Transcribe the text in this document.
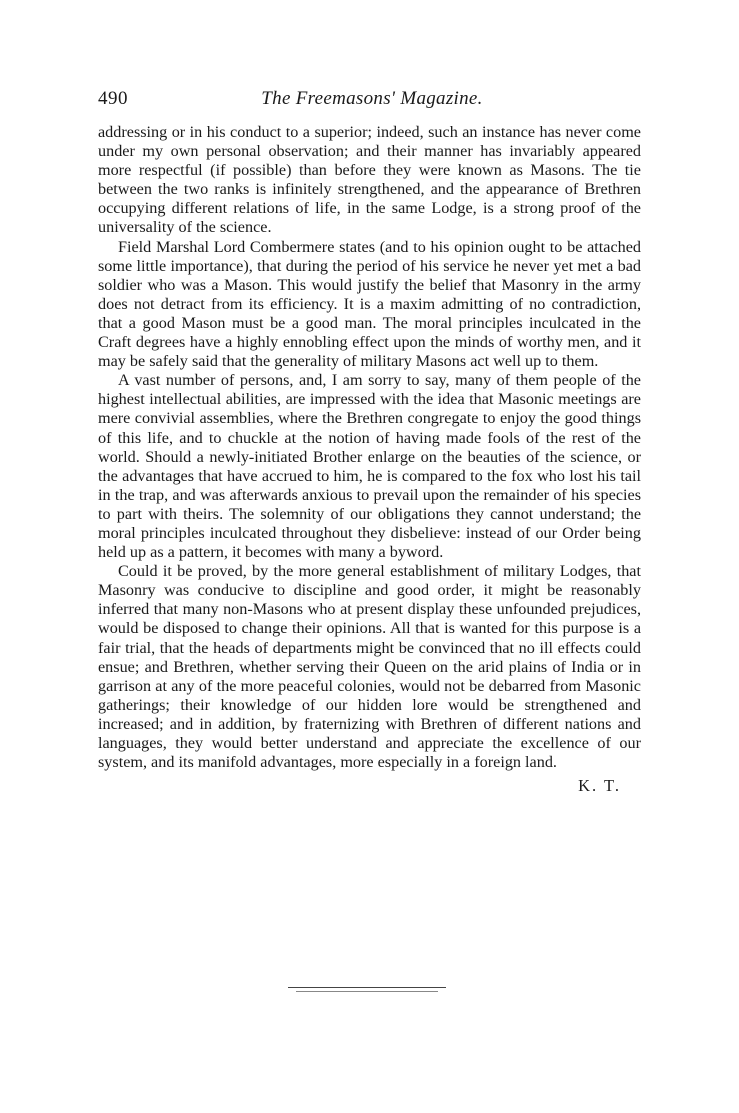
490	The Freemasons' Magazine.

addressing or in his conduct to a superior; indeed, such an instance has never come under my own personal observation; and their manner has invariably appeared more respectful (if possible) than before they were known as Masons. The tie between the two ranks is infinitely strengthened, and the appearance of Brethren occupying different relations of life, in the same Lodge, is a strong proof of the universality of the science.

Field Marshal Lord Combermere states (and to his opinion ought to be attached some little importance), that during the period of his service he never yet met a bad soldier who was a Mason. This would justify the belief that Masonry in the army does not detract from its efficiency. It is a maxim admitting of no contradiction, that a good Mason must be a good man. The moral principles inculcated in the Craft degrees have a highly ennobling effect upon the minds of worthy men, and it may be safely said that the generality of military Masons act well up to them.

A vast number of persons, and, I am sorry to say, many of them people of the highest intellectual abilities, are impressed with the idea that Masonic meetings are mere convivial assemblies, where the Brethren congregate to enjoy the good things of this life, and to chuckle at the notion of having made fools of the rest of the world. Should a newly-initiated Brother enlarge on the beauties of the science, or the advantages that have accrued to him, he is compared to the fox who lost his tail in the trap, and was afterwards anxious to prevail upon the remainder of his species to part with theirs. The solemnity of our obligations they cannot understand; the moral principles inculcated throughout they disbelieve: instead of our Order being held up as a pattern, it becomes with many a byword.

Could it be proved, by the more general establishment of military Lodges, that Masonry was conducive to discipline and good order, it might be reasonably inferred that many non-Masons who at present display these unfounded prejudices, would be disposed to change their opinions. All that is wanted for this purpose is a fair trial, that the heads of departments might be convinced that no ill effects could ensue; and Brethren, whether serving their Queen on the arid plains of India or in garrison at any of the more peaceful colonies, would not be debarred from Masonic gatherings; their knowledge of our hidden lore would be strengthened and increased; and in addition, by fraternizing with Brethren of different nations and languages, they would better understand and appreciate the excellence of our system, and its manifold advantages, more especially in a foreign land.

K. T.
